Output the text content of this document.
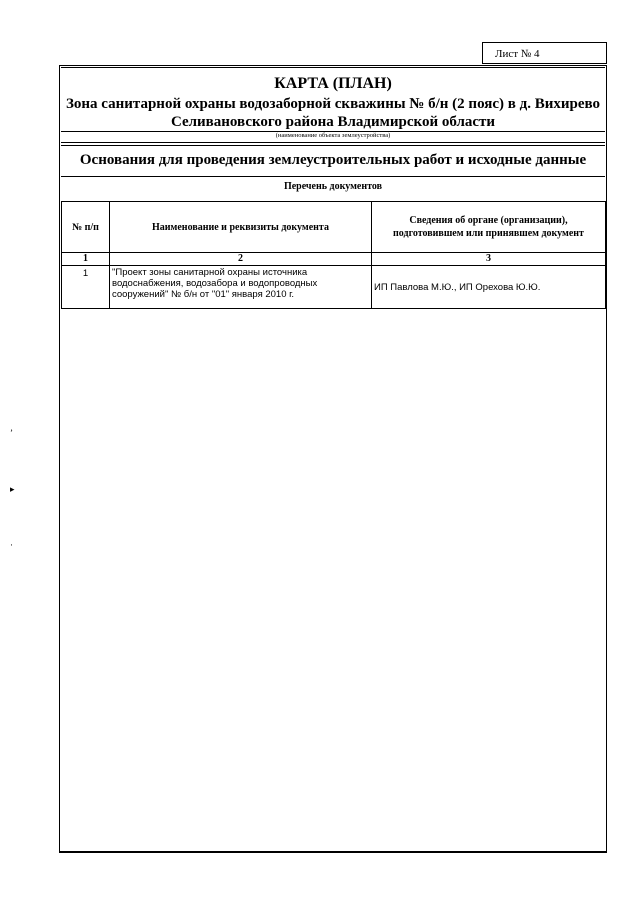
Лист № 4
КАРТА (ПЛАН)
Зона санитарной охраны водозаборной скважины № б/н (2 пояс) в д. Вихирево
Селивановского района Владимирской области
(наименование объекта землеустройства)
Основания для проведения землеустроительных работ и исходные данные
Перечень документов
№ п/п	Наименование и реквизиты документа	Сведения об органе (организации), подготовившем или принявшем документ
1	2	3
1	"Проект зоны санитарной охраны источника водоснабжения, водозабора и водопроводных сооружений" № б/н от "01" января 2010 г.	ИП Павлова М.Ю., ИП Орехова Ю.Ю.
ʼ
▸
·
